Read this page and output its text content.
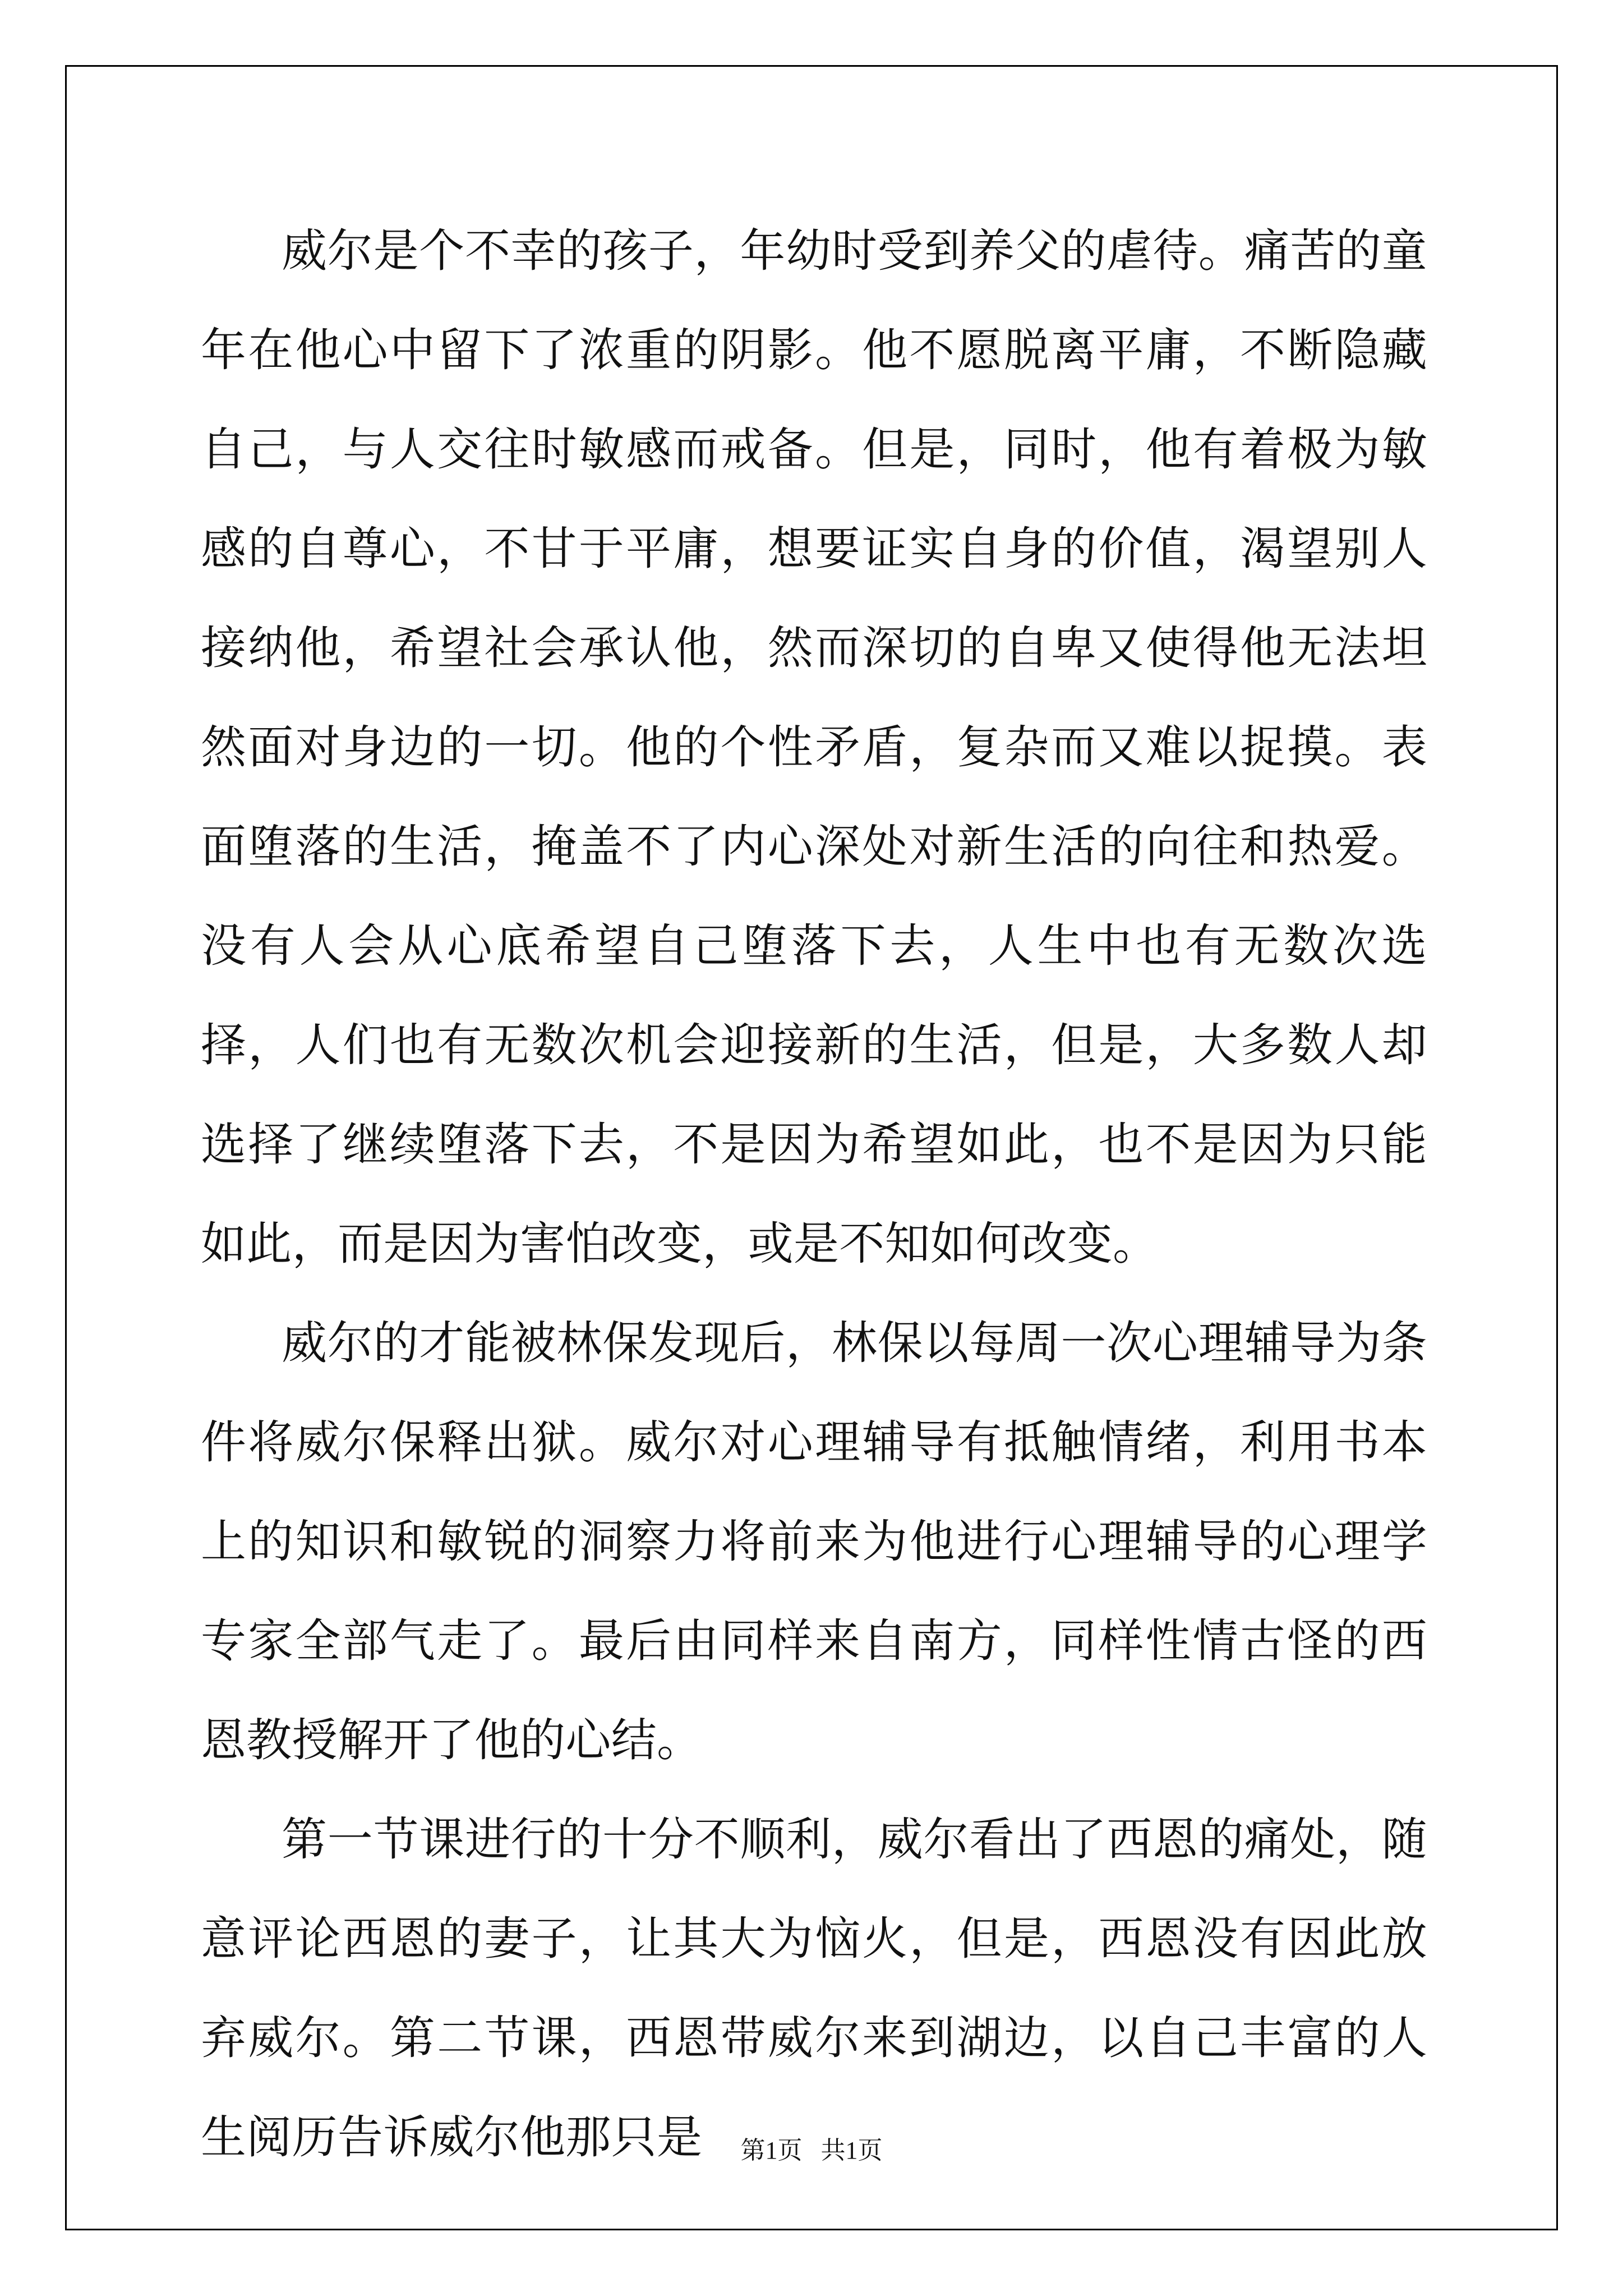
威尔是个不幸的孩子，年幼时受到养父的虐待。痛苦的童年在他心中留下了浓重的阴影。他不愿脱离平庸，不断隐藏自己，与人交往时敏感而戒备。但是，同时，他有着极为敏感的自尊心，不甘于平庸，想要证实自身的价值，渴望别人接纳他，希望社会承认他，然而深切的自卑又使得他无法坦然面对身边的一切。他的个性矛盾，复杂而又难以捉摸。表面堕落的生活，掩盖不了内心深处对新生活的向往和热爱。没有人会从心底希望自己堕落下去，人生中也有无数次选择，人们也有无数次机会迎接新的生活，但是，大多数人却选择了继续堕落下去，不是因为希望如此，也不是因为只能如此，而是因为害怕改变，或是不知如何改变。

威尔的才能被林保发现后，林保以每周一次心理辅导为条件将威尔保释出狱。威尔对心理辅导有抵触情绪，利用书本上的知识和敏锐的洞察力将前来为他进行心理辅导的心理学专家全部气走了。最后由同样来自南方，同样性情古怪的西恩教授解开了他的心结。

第一节课进行的十分不顺利，威尔看出了西恩的痛处，随意评论西恩的妻子，让其大为恼火，但是，西恩没有因此放弃威尔。第二节课，西恩带威尔来到湖边，以自己丰富的人生阅历告诉威尔他那只是	第1页 共1页
